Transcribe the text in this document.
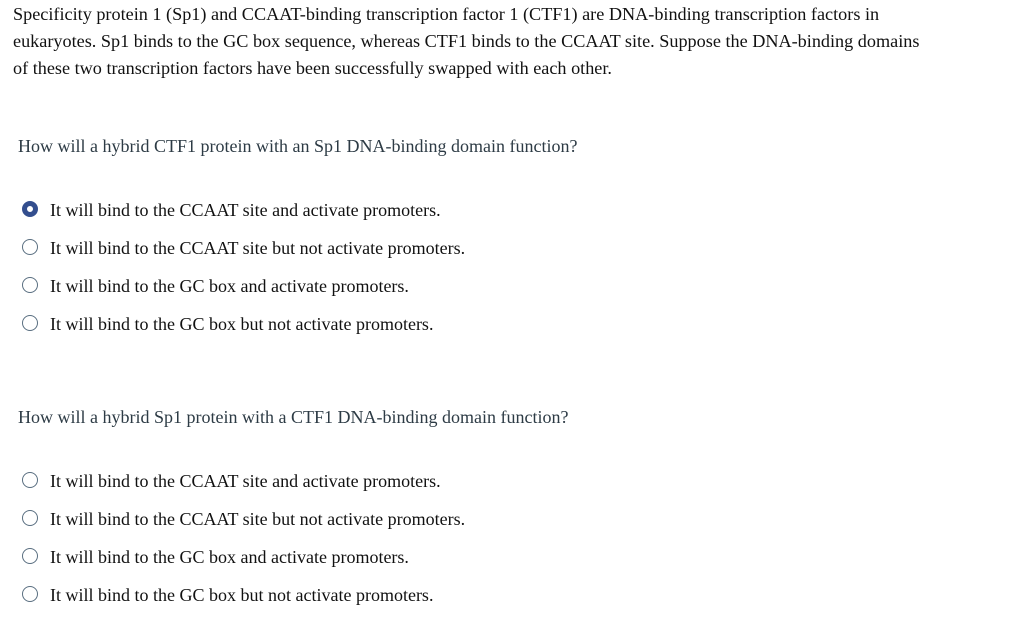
Specificity protein 1 (Sp1) and CCAAT-binding transcription factor 1 (CTF1) are DNA-binding transcription factors in
eukaryotes. Sp1 binds to the GC box sequence, whereas CTF1 binds to the CCAAT site. Suppose the DNA-binding domains
of these two transcription factors have been successfully swapped with each other.
How will a hybrid CTF1 protein with an Sp1 DNA-binding domain function?
It will bind to the CCAAT site and activate promoters.
It will bind to the CCAAT site but not activate promoters.
It will bind to the GC box and activate promoters.
It will bind to the GC box but not activate promoters.
How will a hybrid Sp1 protein with a CTF1 DNA-binding domain function?
It will bind to the CCAAT site and activate promoters.
It will bind to the CCAAT site but not activate promoters.
It will bind to the GC box and activate promoters.
It will bind to the GC box but not activate promoters.
